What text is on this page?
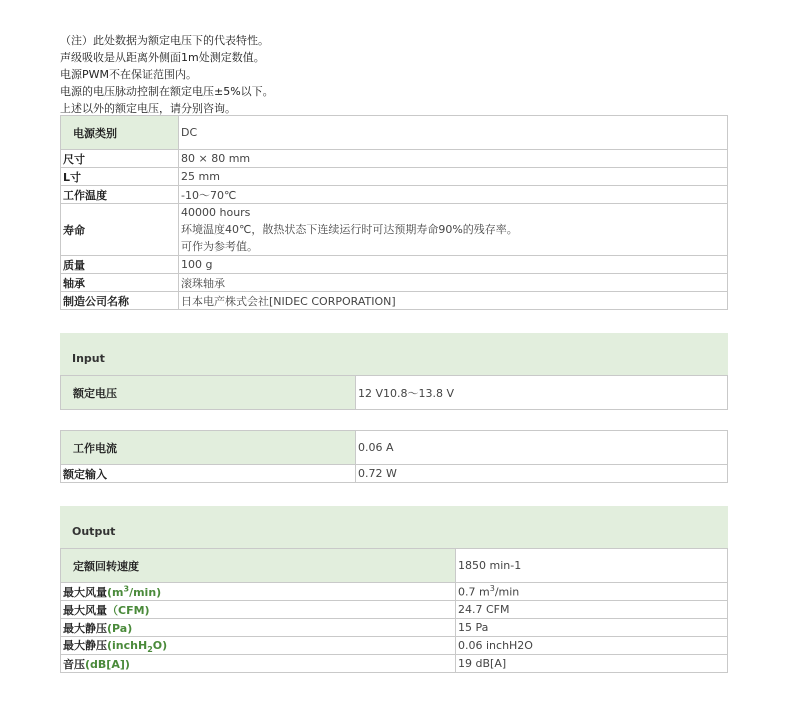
（注）此处数据为额定电压下的代表特性。
声级吸收是从距离外侧面1m处测定数值。
电源PWM不在保证范围内。
电源的电压脉动控制在额定电压±5%以下。
上述以外的额定电压，请分别咨询。
电源类别	DC
尺寸	80 × 80 mm
L寸	25 mm
工作温度	-10～70℃
寿命	40000 hours
环境温度40℃，散热状态下连续运行时可达预期寿命90%的残存率。
可作为参考值。

质量	100 g
轴承	滚珠轴承
制造公司名称	日本电产株式会社[NIDEC CORPORATION]
Input
额定电压	12 V10.8～13.8 V
工作电流	0.06 A
额定输入	0.72 W
Output
定额回转速度	1850 min-1
最大风量$(m^3/\min)$	0.7 $m^3/\min$
最大风量（CFM)	24.7 CFM
最大静压(Pa)	15 Pa
最大静压(inchH$_2$O)	0.06 inchH2O
音压(dB[A])	19 dB[A]
